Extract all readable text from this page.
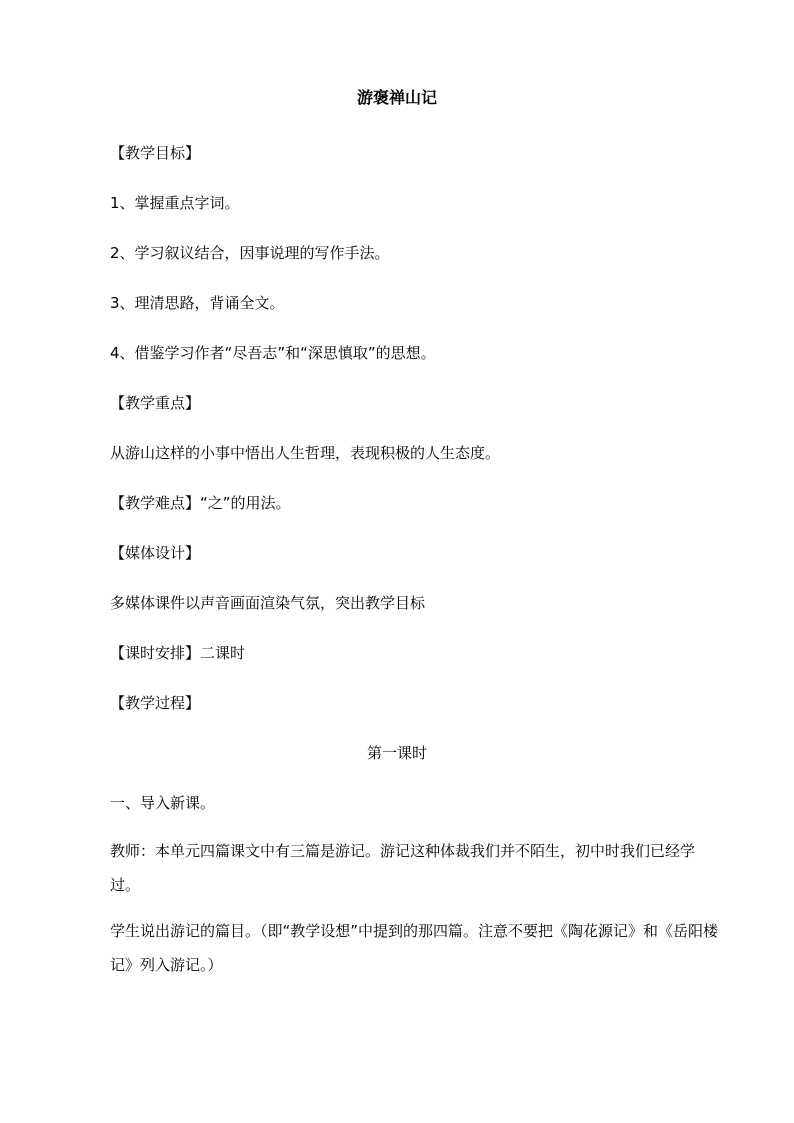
游褒禅山记

【教学目标】

1、掌握重点字词。

2、学习叙议结合，因事说理的写作手法。

3、理清思路，背诵全文。

4、借鉴学习作者“尽吾志”和“深思慎取”的思想。

【教学重点】

从游山这样的小事中悟出人生哲理，表现积极的人生态度。

【教学难点】“之”的用法。

【媒体设计】

多媒体课件以声音画面渲染气氛，突出教学目标

【课时安排】二课时

【教学过程】

第一课时

一、导入新课。

教师：本单元四篇课文中有三篇是游记。游记这种体裁我们并不陌生，初中时我们已经学过。

学生说出游记的篇目。（即“教学设想”中提到的那四篇。注意不要把《陶花源记》和《岳阳楼记》列入游记。）
